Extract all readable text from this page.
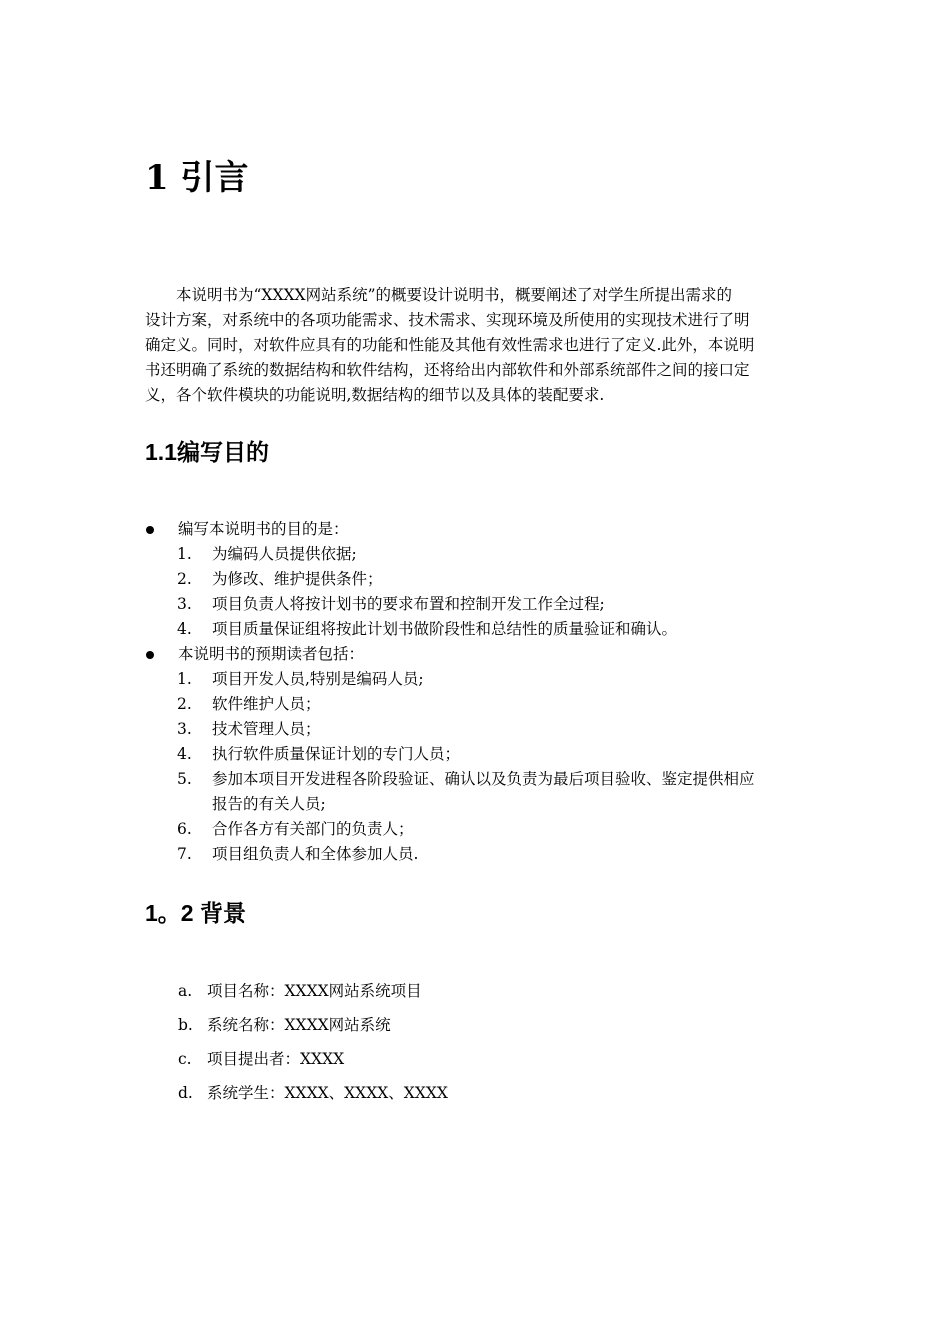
1 引言

本说明书为“XXXX网站系统”的概要设计说明书，概要阐述了对学生所提出需求的

设计方案，对系统中的各项功能需求、技术需求、实现环境及所使用的实现技术进行了明

确定义。同时，对软件应具有的功能和性能及其他有效性需求也进行了定义.此外，本说明

书还明确了系统的数据结构和软件结构，还将给出内部软件和外部系统部件之间的接口定

义，各个软件模块的功能说明,数据结构的细节以及具体的装配要求.

1.1编写目的
编写本说明书的目的是：
1. 为编码人员提供依据;
2. 为修改、维护提供条件；
3. 项目负责人将按计划书的要求布置和控制开发工作全过程;
4. 项目质量保证组将按此计划书做阶段性和总结性的质量验证和确认。
本说明书的预期读者包括：
1. 项目开发人员,特别是编码人员;
2. 软件维护人员；
3. 技术管理人员；
4. 执行软件质量保证计划的专门人员；
5. 参加本项目开发进程各阶段验证、确认以及负责为最后项目验收、鉴定提供相应
报告的有关人员;
6. 合作各方有关部门的负责人；
7. 项目组负责人和全体参加人员.
1。2 背景
a. 项目名称：XXXX网站系统项目
b. 系统名称：XXXX网站系统
c. 项目提出者：XXXX
d. 系统学生：XXXX、XXXX、XXXX
